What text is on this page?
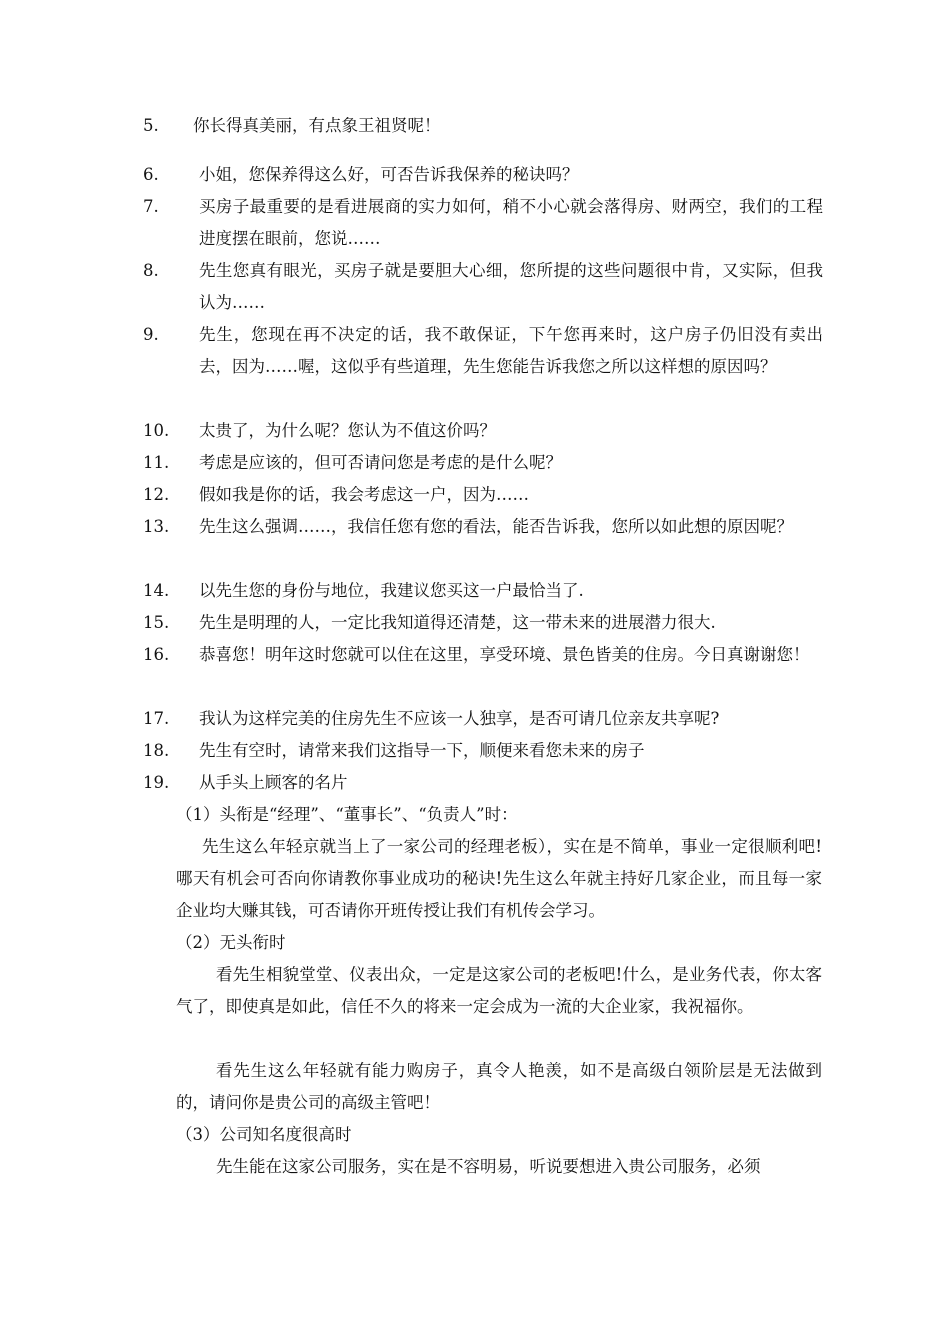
5.	你长得真美丽，有点象王祖贤呢！
6.	小姐，您保养得这么好，可否告诉我保养的秘诀吗？
7.	买房子最重要的是看进展商的实力如何，稍不小心就会落得房、财两空，我们的工程进度摆在眼前，您说……
8.	先生您真有眼光，买房子就是要胆大心细，您所提的这些问题很中肯，又实际，但我认为……
9.	先生，您现在再不决定的话，我不敢保证，下午您再来时，这户房子仍旧没有卖出去，因为……喔，这似乎有些道理，先生您能告诉我您之所以这样想的原因吗？
10.	太贵了，为什么呢？您认为不值这价吗？
11.	考虑是应该的，但可否请问您是考虑的是什么呢？
12.	假如我是你的话，我会考虑这一户，因为……
13.	先生这么强调……，我信任您有您的看法，能否告诉我，您所以如此想的原因呢？
14.	以先生您的身份与地位，我建议您买这一户最恰当了.
15.	先生是明理的人，一定比我知道得还清楚，这一带未来的进展潜力很大.
16.	恭喜您！明年这时您就可以住在这里，享受环境、景色皆美的住房。今日真谢谢您！
17.	我认为这样完美的住房先生不应该一人独享，是否可请几位亲友共享呢?
18.	先生有空时，请常来我们这指导一下，顺便来看您未来的房子
19.	从手头上顾客的名片
（1）头衔是“经理”、“董事长”、“负责人”时：
先生这么年轻京就当上了一家公司的经理老板），实在是不简单，事业一定很顺利吧!哪天有机会可否向你请教你事业成功的秘诀!先生这么年就主持好几家企业，而且每一家企业均大赚其钱，可否请你开班传授让我们有机传会学习。
（2）无头衔时
看先生相貌堂堂、仪表出众，一定是这家公司的老板吧!什么，是业务代表，你太客气了，即使真是如此，信任不久的将来一定会成为一流的大企业家，我祝福你。
看先生这么年轻就有能力购房子，真令人艳羡，如不是高级白领阶层是无法做到的，请问你是贵公司的高级主管吧！
（3）公司知名度很高时
先生能在这家公司服务，实在是不容明易，听说要想进入贵公司服务，必须
